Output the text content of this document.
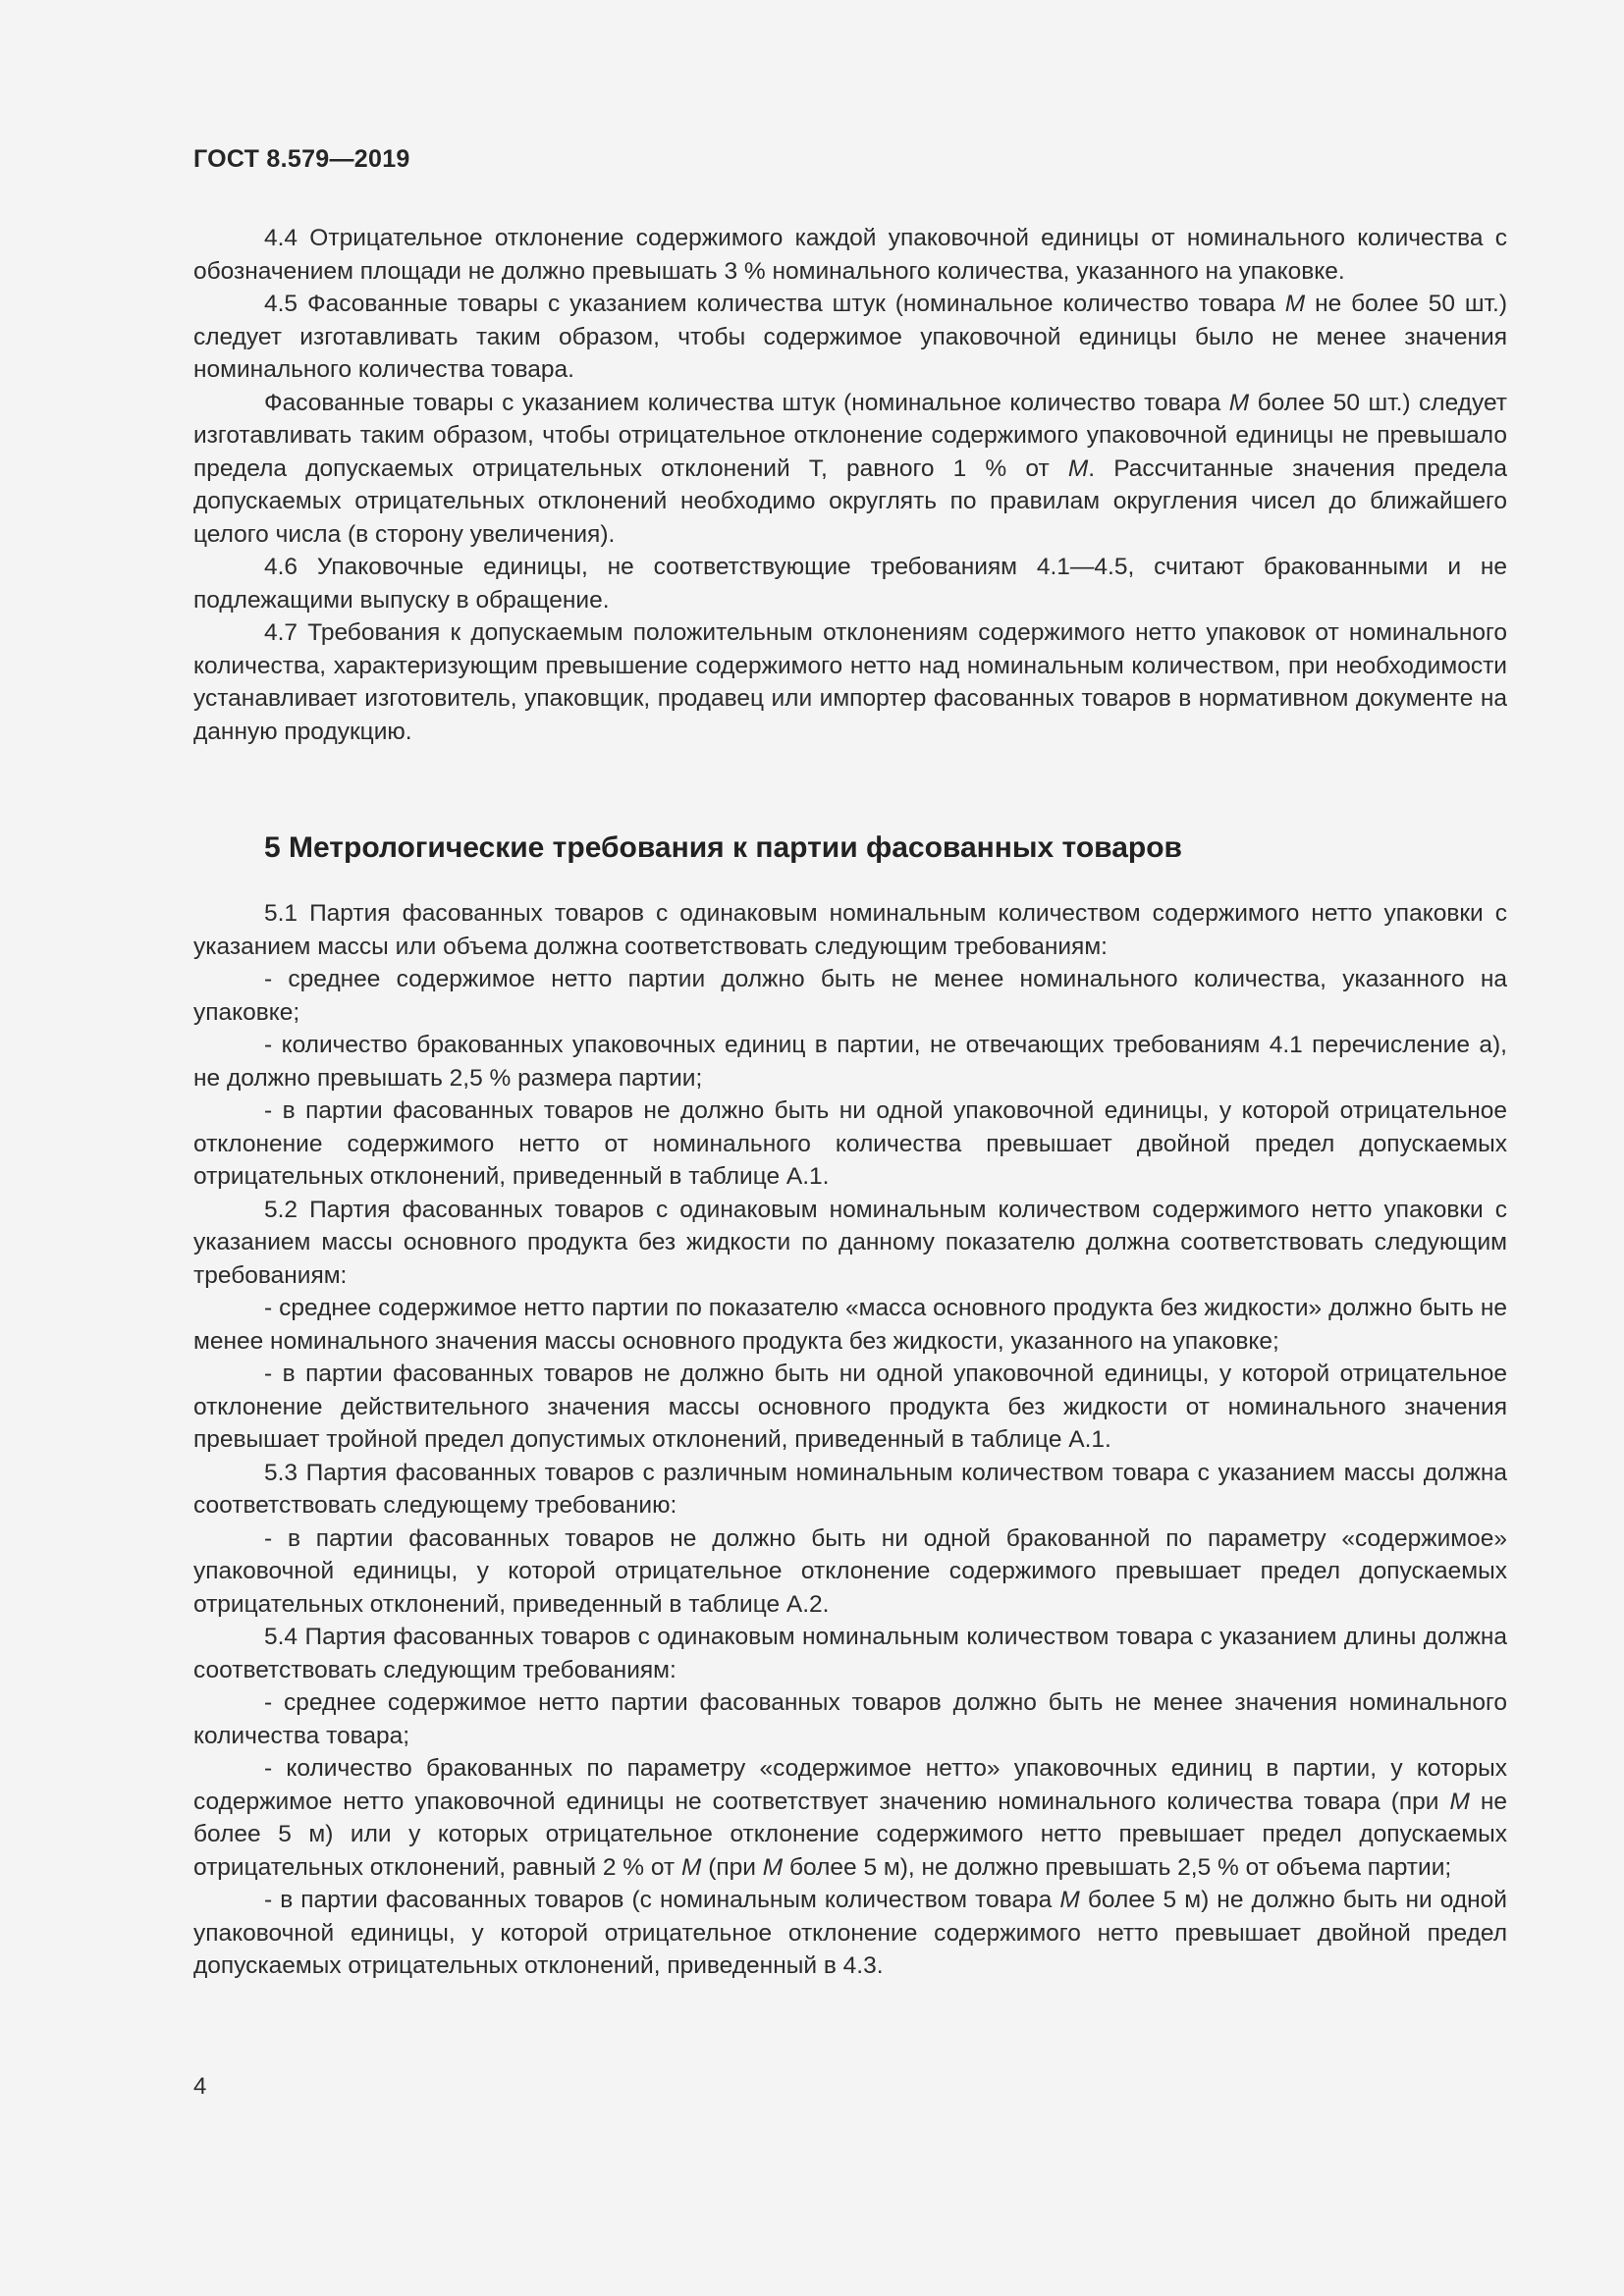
ГОСТ 8.579—2019

4.4 Отрицательное отклонение содержимого каждой упаковочной единицы от номинального количества с обозначением площади не должно превышать 3 % номинального количества, указанного на упаковке.

4.5 Фасованные товары с указанием количества штук (номинальное количество товара М не более 50 шт.) следует изготавливать таким образом, чтобы содержимое упаковочной единицы было не менее значения номинального количества товара.

Фасованные товары с указанием количества штук (номинальное количество товара М более 50 шт.) следует изготавливать таким образом, чтобы отрицательное отклонение содержимого упаковочной единицы не превышало предела допускаемых отрицательных отклонений Т, равного 1 % от М. Рассчитанные значения предела допускаемых отрицательных отклонений необходимо округлять по правилам округления чисел до ближайшего целого числа (в сторону увеличения).

4.6 Упаковочные единицы, не соответствующие требованиям 4.1—4.5, считают бракованными и не подлежащими выпуску в обращение.

4.7 Требования к допускаемым положительным отклонениям содержимого нетто упаковок от номинального количества, характеризующим превышение содержимого нетто над номинальным количеством, при необходимости устанавливает изготовитель, упаковщик, продавец или импортер фасованных товаров в нормативном документе на данную продукцию.

5 Метрологические требования к партии фасованных товаров

5.1 Партия фасованных товаров с одинаковым номинальным количеством содержимого нетто упаковки с указанием массы или объема должна соответствовать следующим требованиям:

- среднее содержимое нетто партии должно быть не менее номинального количества, указанного на упаковке;

- количество бракованных упаковочных единиц в партии, не отвечающих требованиям 4.1 перечисление а), не должно превышать 2,5 % размера партии;

- в партии фасованных товаров не должно быть ни одной упаковочной единицы, у которой отрицательное отклонение содержимого нетто от номинального количества превышает двойной предел допускаемых отрицательных отклонений, приведенный в таблице А.1.

5.2 Партия фасованных товаров с одинаковым номинальным количеством содержимого нетто упаковки с указанием массы основного продукта без жидкости по данному показателю должна соответствовать следующим требованиям:

- среднее содержимое нетто партии по показателю «масса основного продукта без жидкости» должно быть не менее номинального значения массы основного продукта без жидкости, указанного на упаковке;

- в партии фасованных товаров не должно быть ни одной упаковочной единицы, у которой отрицательное отклонение действительного значения массы основного продукта без жидкости от номинального значения превышает тройной предел допустимых отклонений, приведенный в таблице А.1.

5.3 Партия фасованных товаров с различным номинальным количеством товара с указанием массы должна соответствовать следующему требованию:

- в партии фасованных товаров не должно быть ни одной бракованной по параметру «содержимое» упаковочной единицы, у которой отрицательное отклонение содержимого превышает предел допускаемых отрицательных отклонений, приведенный в таблице А.2.

5.4 Партия фасованных товаров с одинаковым номинальным количеством товара с указанием длины должна соответствовать следующим требованиям:

- среднее содержимое нетто партии фасованных товаров должно быть не менее значения номинального количества товара;

- количество бракованных по параметру «содержимое нетто» упаковочных единиц в партии, у которых содержимое нетто упаковочной единицы не соответствует значению номинального количества товара (при М не более 5 м) или у которых отрицательное отклонение содержимого нетто превышает предел допускаемых отрицательных отклонений, равный 2 % от М (при М более 5 м), не должно превышать 2,5 % от объема партии;

- в партии фасованных товаров (с номинальным количеством товара М более 5 м) не должно быть ни одной упаковочной единицы, у которой отрицательное отклонение содержимого нетто превышает двойной предел допускаемых отрицательных отклонений, приведенный в 4.3.

4
